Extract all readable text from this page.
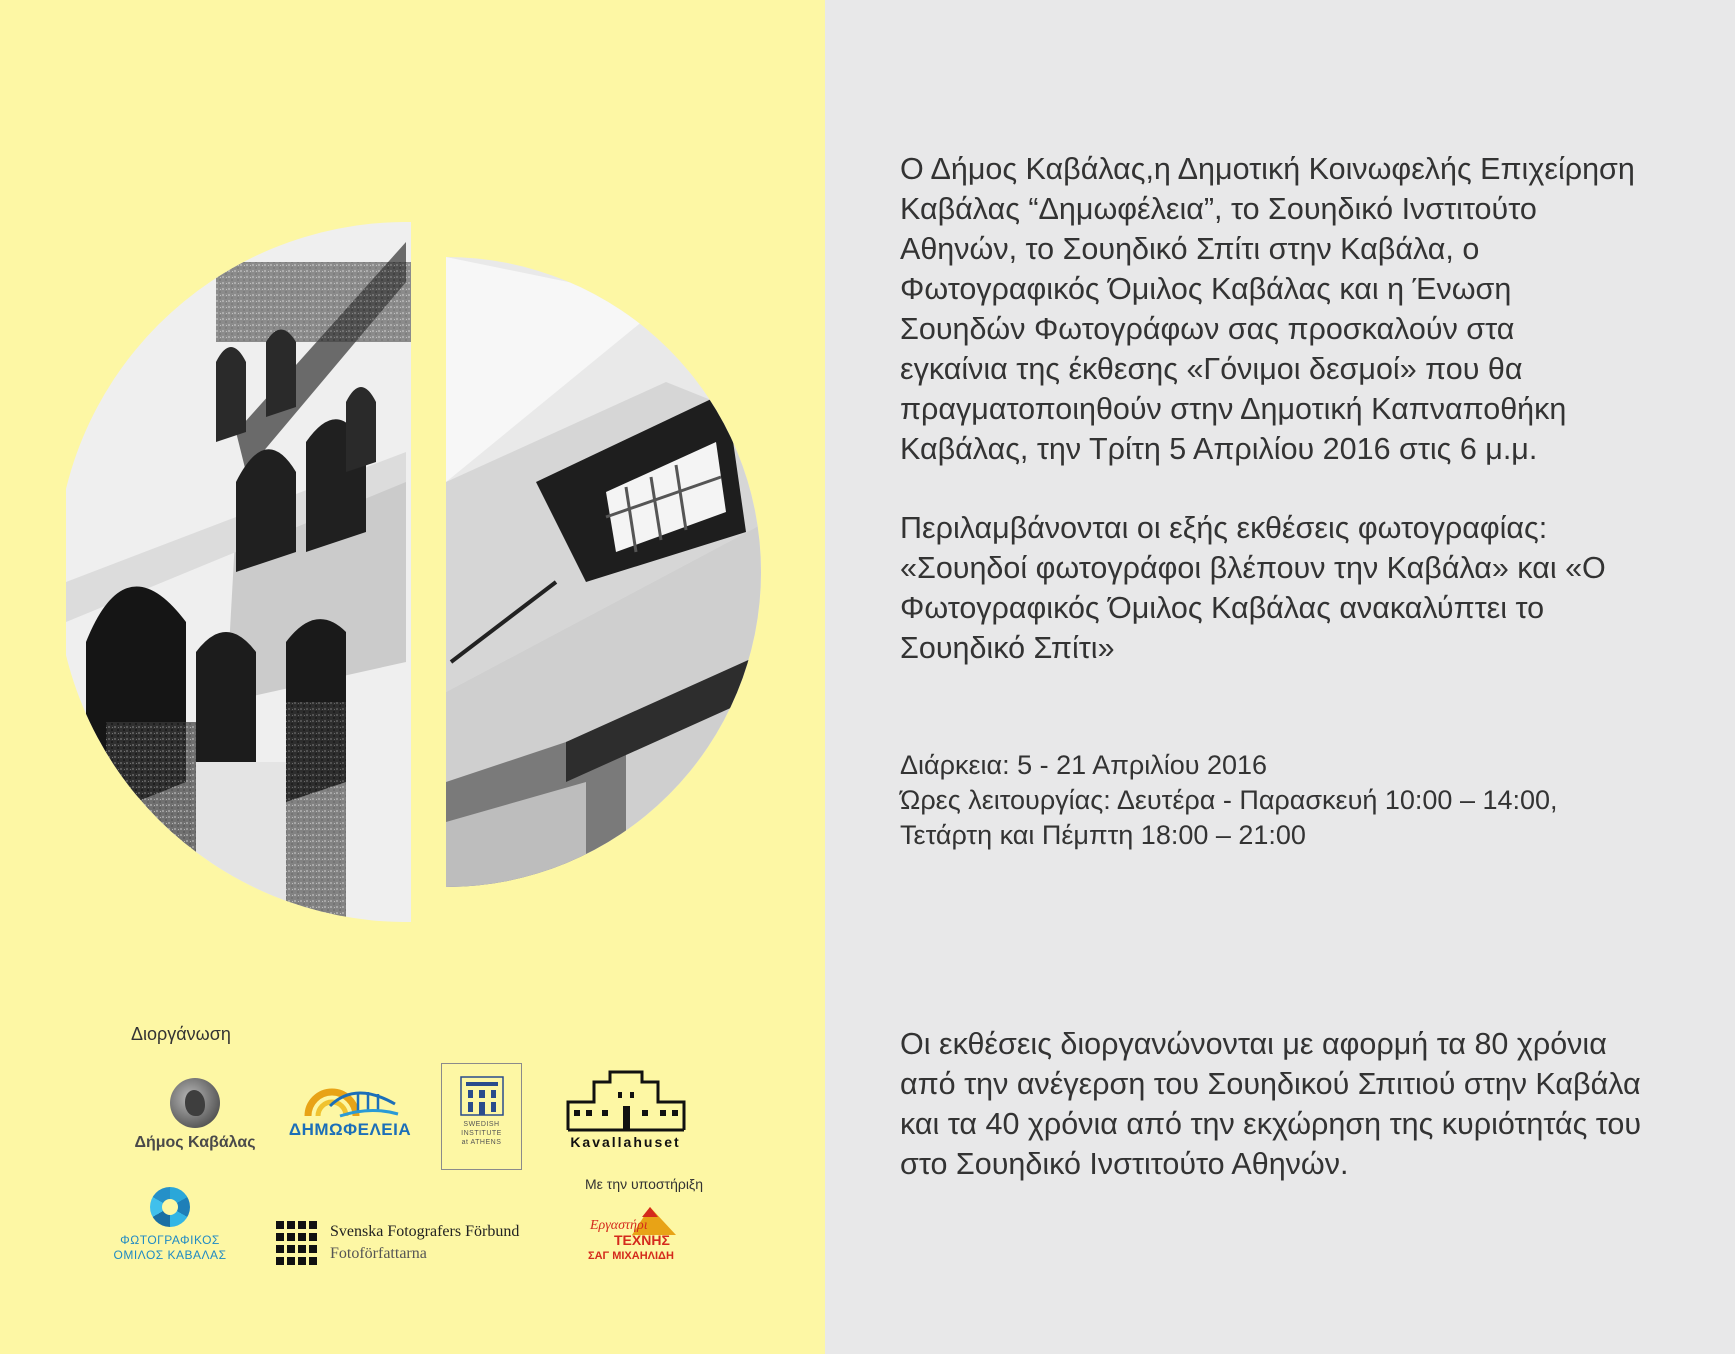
Διοργάνωση
Δήμος Καβάλας
ΔΗΜΩΦΕΛΕΙΑ	SWEDISH
INSTITUTE
at ATHENS	Kavallahuset
Με την υποστήριξη
ΦΩΤΟΓΡΑΦΙΚΟΣ
ΟΜΙΛΟΣ ΚΑΒΑΛΑΣ
Svenska Fotografers Förbund
Fotoförfattarna
Εργαστήρι
ΤΕΧΝΗΣ
ΣΑΓ ΜΙΧΑΗΛΙΔΗ
Ο Δήμος Καβάλας,η Δημοτική Κοινωφελής Επιχείρηση
Καβάλας “Δημωφέλεια”, το Σουηδικό Ινστιτούτο
Αθηνών, το Σουηδικό Σπίτι στην Καβάλα, ο
Φωτογραφικός Όμιλος Καβάλας και η Ένωση
Σουηδών Φωτογράφων σας προσκαλούν στα
εγκαίνια της έκθεσης «Γόνιμοι δεσμοί» που θα
πραγματοποιηθούν στην Δημοτική Καπναποθήκη
Καβάλας, την Τρίτη 5 Απριλίου 2016 στις 6 μ.μ.
Περιλαμβάνονται οι εξής εκθέσεις φωτογραφίας:
«Σουηδοί φωτογράφοι βλέπουν την Καβάλα» και «Ο
Φωτογραφικός Όμιλος Καβάλας ανακαλύπτει το
Σουηδικό Σπίτι»
Διάρκεια: 5 - 21 Απριλίου 2016
Ώρες λειτουργίας: Δευτέρα - Παρασκευή 10:00 – 14:00,
Τετάρτη και Πέμπτη 18:00 – 21:00
Οι εκθέσεις διοργανώνονται με αφορμή τα 80 χρόνια
από την ανέγερση του Σουηδικού Σπιτιού στην Καβάλα
και τα 40 χρόνια από την εκχώρηση της κυριότητάς του
στο Σουηδικό Ινστιτούτο Αθηνών.
